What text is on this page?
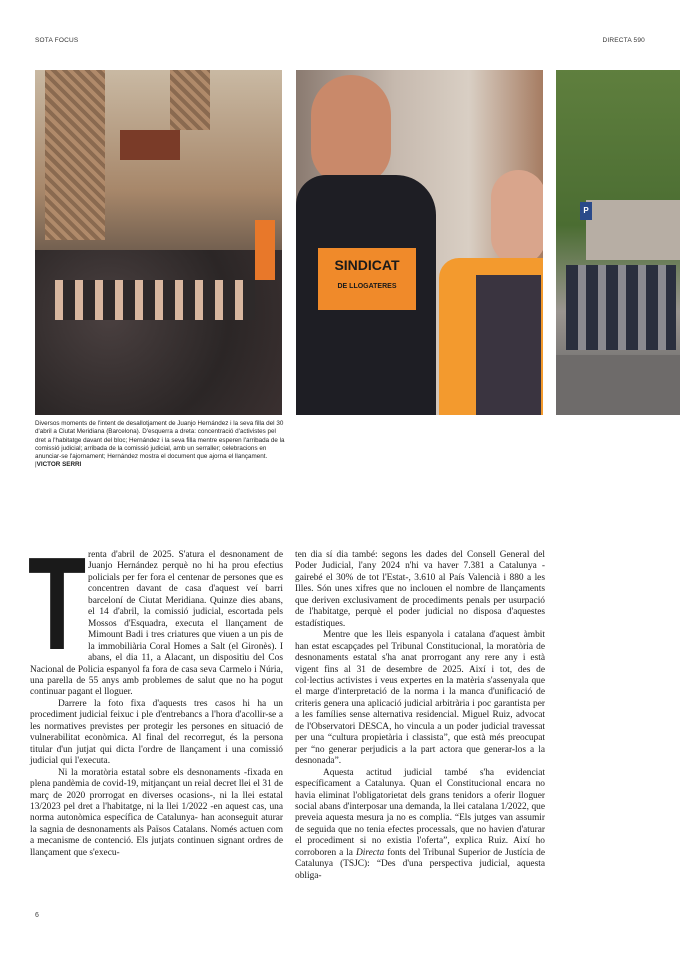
SOTA FOCUS	DIRECTA 590
SINDICAT
DE LLOGATERES
P
Diversos moments de l'intent de desallotjament de Juanjo Hernández i la seva filla del 30 d'abril a Ciutat Meridiana (Barcelona). D'esquerra a dreta: concentració d'activistes pel dret a l'habitatge davant del bloc; Hernández i la seva filla mentre esperen l'arribada de la comissió judicial; arribada de la comissió judicial, amb un serraller; celebracions en anunciar-se l'ajornament; Hernández mostra el document que ajorna el llançament. |VICTOR SERRI

Trenta d'abril de 2025. S'atura el desnonament de Juanjo Hernández perquè no hi ha prou efectius policials per fer fora el centenar de persones que es concentren davant de casa d'aquest veí barri barceloní de Ciutat Meridiana. Quinze dies abans, el 14 d'abril, la comissió judicial, escortada pels Mossos d'Esquadra, executa el llançament de Mimount Badi i tres criatures que viuen a un pis de la immobiliària Coral Homes a Salt (el Gironès). I abans, el dia 11, a Alacant, un dispositiu del Cos Nacional de Policia espanyol fa fora de casa seva Carmelo i Núria, una parella de 55 anys amb problemes de salut que no ha pogut continuar pagant el lloguer.

Darrere la foto fixa d'aquests tres casos hi ha un procediment judicial feixuc i ple d'entrebancs a l'hora d'acollir-se a les normatives previstes per protegir les persones en situació de vulnerabilitat econòmica. Al final del recorregut, és la persona titular d'un jutjat qui dicta l'ordre de llançament i una comissió judicial qui l'executa.

Ni la moratòria estatal sobre els desnonaments -fixada en plena pandèmia de covid-19, mitjançant un reial decret llei el 31 de març de 2020 prorrogat en diverses ocasions-, ni la llei estatal 13/2023 pel dret a l'habitatge, ni la llei 1/2022 -en aquest cas, una norma autonòmica específica de Catalunya- han aconseguit aturar la sagnia de desnonaments als Països Catalans. Només actuen com a mecanisme de contenció. Els jutjats continuen signant ordres de llançament que s'execu-

ten dia sí dia també: segons les dades del Consell General del Poder Judicial, l'any 2024 n'hi va haver 7.381 a Catalunya -gairebé el 30% de tot l'Estat-, 3.610 al País Valencià i 880 a les Illes. Són unes xifres que no inclouen el nombre de llançaments que deriven exclusivament de procediments penals per usurpació de l'habitatge, perquè el poder judicial no disposa d'aquestes estadístiques.

Mentre que les lleis espanyola i catalana d'aquest àmbit han estat escapçades pel Tribunal Constitucional, la moratòria de desnonaments estatal s'ha anat prorrogant any rere any i està vigent fins al 31 de desembre de 2025. Així i tot, des de col·lectius activistes i veus expertes en la matèria s'assenyala que el marge d'interpretació de la norma i la manca d'unificació de criteris genera una aplicació judicial arbitrària i poc garantista per a les famílies sense alternativa residencial. Miguel Ruiz, advocat de l'Observatori DESCA, ho vincula a un poder judicial travessat per una “cultura propietària i classista”, que està més preocupat per “no generar perjudicis a la part actora que generar-los a la desnonada”.

Aquesta actitud judicial també s'ha evidenciat específicament a Catalunya. Quan el Constitucional encara no havia eliminat l'obligatorietat dels grans tenidors a oferir lloguer social abans d'interposar una demanda, la llei catalana 1/2022, que preveia aquesta mesura ja no es complia. “Els jutges van assumir de seguida que no tenia efectes processals, que no havien d'aturar el procediment si no existia l'oferta”, explica Ruiz. Així ho corroboren a la Directa fonts del Tribunal Superior de Justícia de Catalunya (TSJC): “Des d'una perspectiva judicial, aquesta obliga-

6
